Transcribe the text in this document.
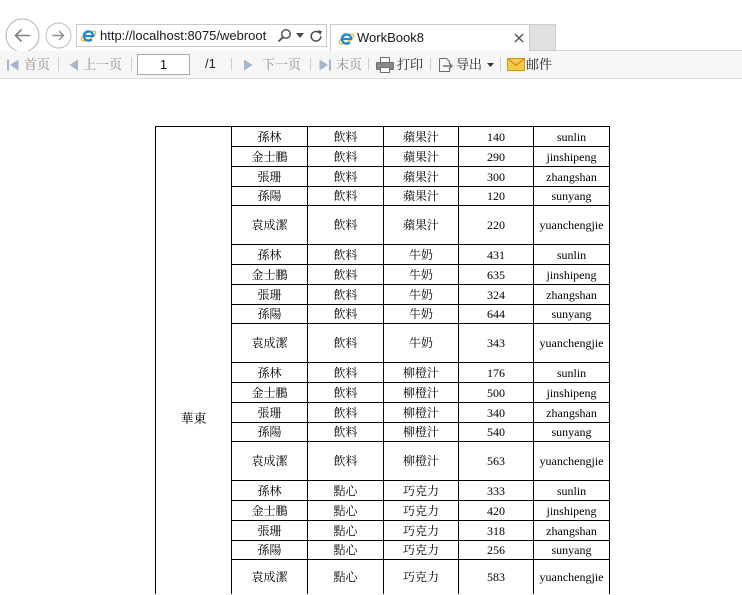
http://localhost:8075/webroot
WorkBook8
首页	上一页
1	/1	下一页	末页	打印	导出	邮件
華東	孫林	飲料	蘋果汁	140	sunlin
	金士鵬	飲料	蘋果汁	290	jinshipeng
	張珊	飲料	蘋果汁	300	zhangshan
	孫陽	飲料	蘋果汁	120	sunyang
	袁成潔	飲料	蘋果汁	220	yuanchengjie
	孫林	飲料	牛奶	431	sunlin
	金士鵬	飲料	牛奶	635	jinshipeng
	張珊	飲料	牛奶	324	zhangshan
	孫陽	飲料	牛奶	644	sunyang
	袁成潔	飲料	牛奶	343	yuanchengjie
	孫林	飲料	柳橙汁	176	sunlin
	金士鵬	飲料	柳橙汁	500	jinshipeng
	張珊	飲料	柳橙汁	340	zhangshan
	孫陽	飲料	柳橙汁	540	sunyang
	袁成潔	飲料	柳橙汁	563	yuanchengjie
	孫林	點心	巧克力	333	sunlin
	金士鵬	點心	巧克力	420	jinshipeng
	張珊	點心	巧克力	318	zhangshan
	孫陽	點心	巧克力	256	sunyang
	袁成潔	點心	巧克力	583	yuanchengjie
